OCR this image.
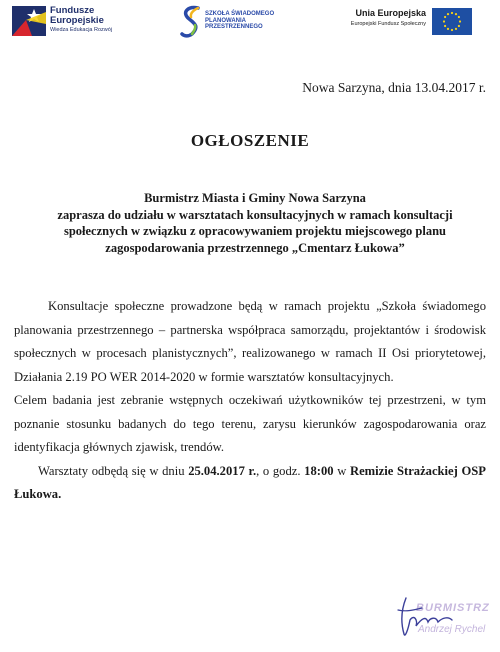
Fundusze
Europejskie
Wiedza Edukacja Rozwój
SZKOŁA ŚWIADOMEGO
PLANOWANIA
PRZESTRZENNEGO
Unia Europejska
Europejski Fundusz Społeczny
Nowa Sarzyna, dnia 13.04.2017 r.
OGŁOSZENIE
Burmistrz Miasta i Gminy Nowa Sarzyna
zaprasza do udziału w warsztatach konsultacyjnych w ramach konsultacji
społecznych w związku z opracowywaniem projektu miejscowego planu
zagospodarowania przestrzennego „Cmentarz Łukowa”

Konsultacje społeczne prowadzone będą w ramach projektu „Szkoła świadomego planowania przestrzennego – partnerska współpraca samorządu, projektantów i środowisk społecznych w procesach planistycznych”, realizowanego w ramach II Osi priorytetowej, Działania 2.19 PO WER 2014-2020 w formie warsztatów konsultacyjnych.

Celem badania jest zebranie wstępnych oczekiwań użytkowników tej przestrzeni, w tym poznanie stosunku badanych do tego terenu, zarysu kierunków zagospodarowania oraz identyfikacja głównych zjawisk, trendów.

Warsztaty odbędą się w dniu 25.04.2017 r., o godz. 18:00 w Remizie Strażackiej OSP Łukowa.

BURMISTRZ
Andrzej Rychel
